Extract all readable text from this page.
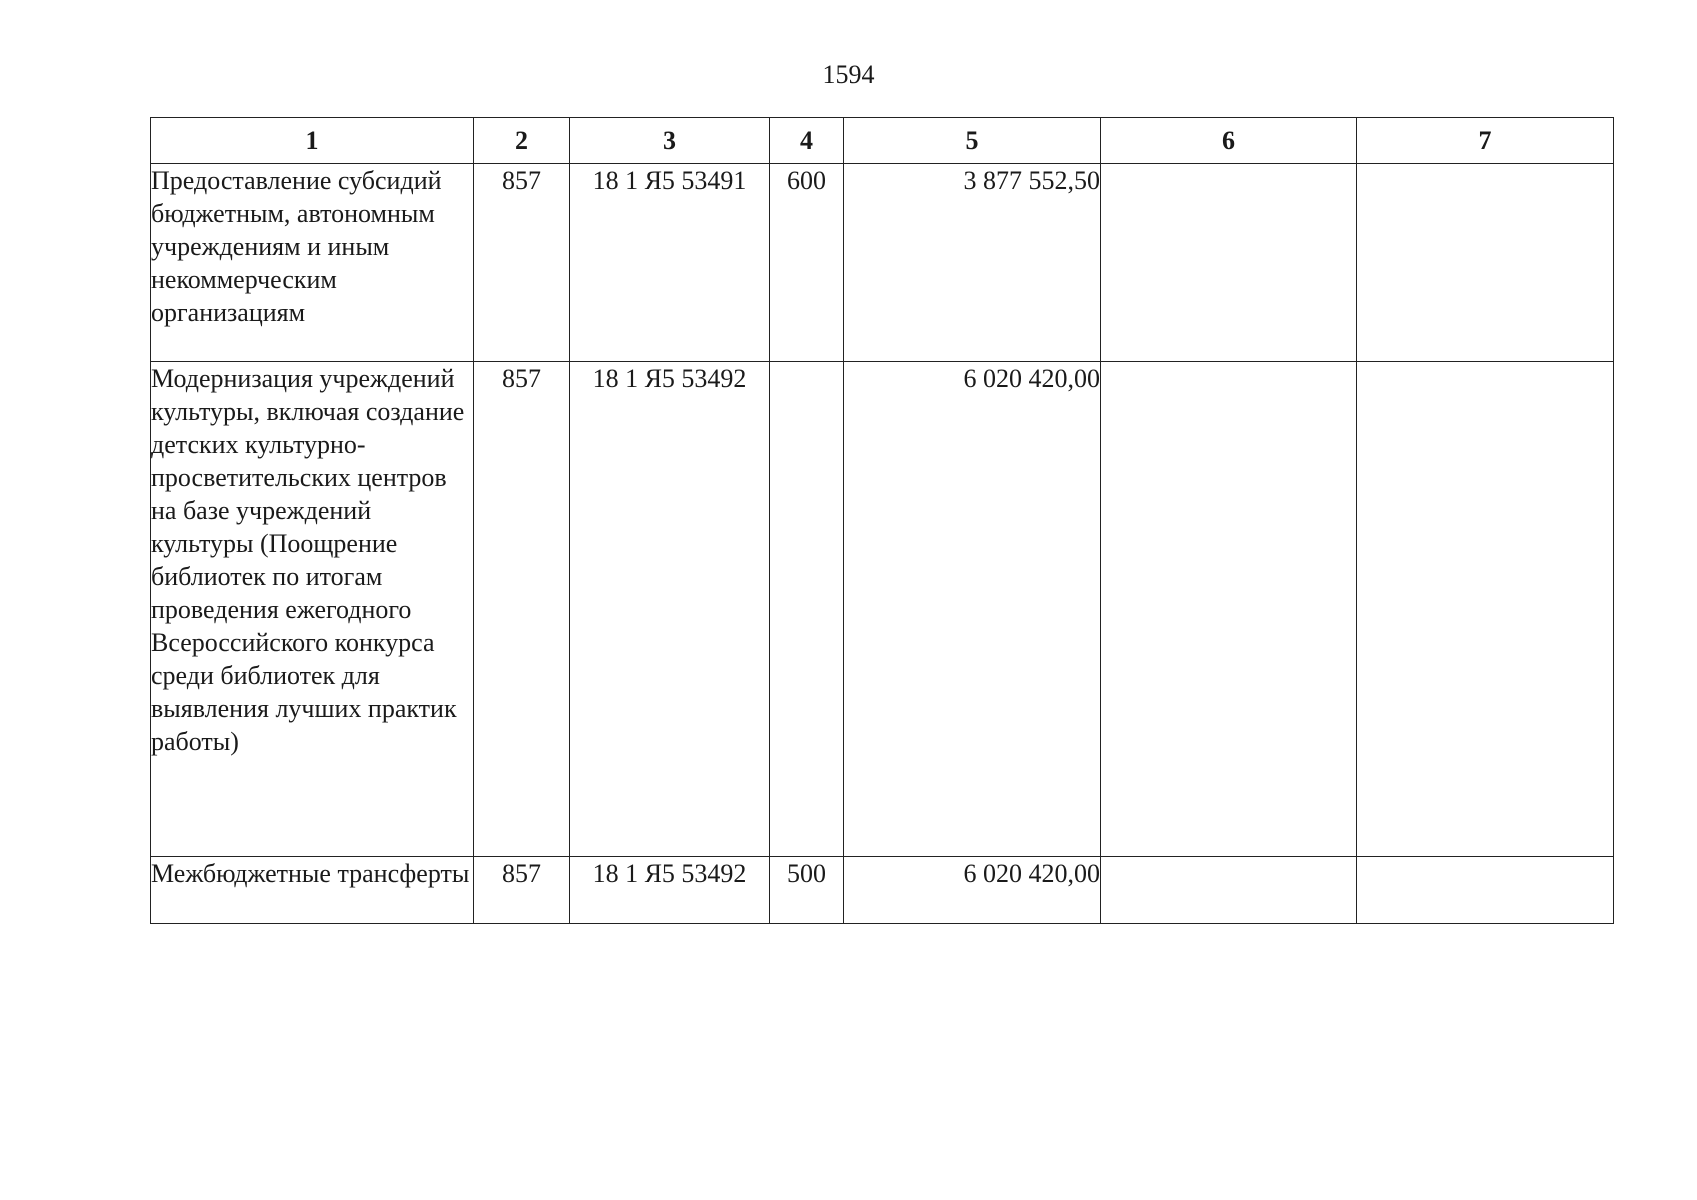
1594
1	2	3	4	5	6	7
Предоставление субсидий бюджетным, автономным учреждениям и иным некоммерческим организациям	857	18 1 Я5 53491	600	3 877 552,50		
Модернизация учреждений культуры, включая создание детских культурно-просветительских центров на базе учреждений культуры (Поощрение библиотек по итогам проведения ежегодного Всероссийского конкурса среди библиотек для выявления лучших практик работы)	857	18 1 Я5 53492		6 020 420,00		
Межбюджетные трансферты	857	18 1 Я5 53492	500	6 020 420,00		
